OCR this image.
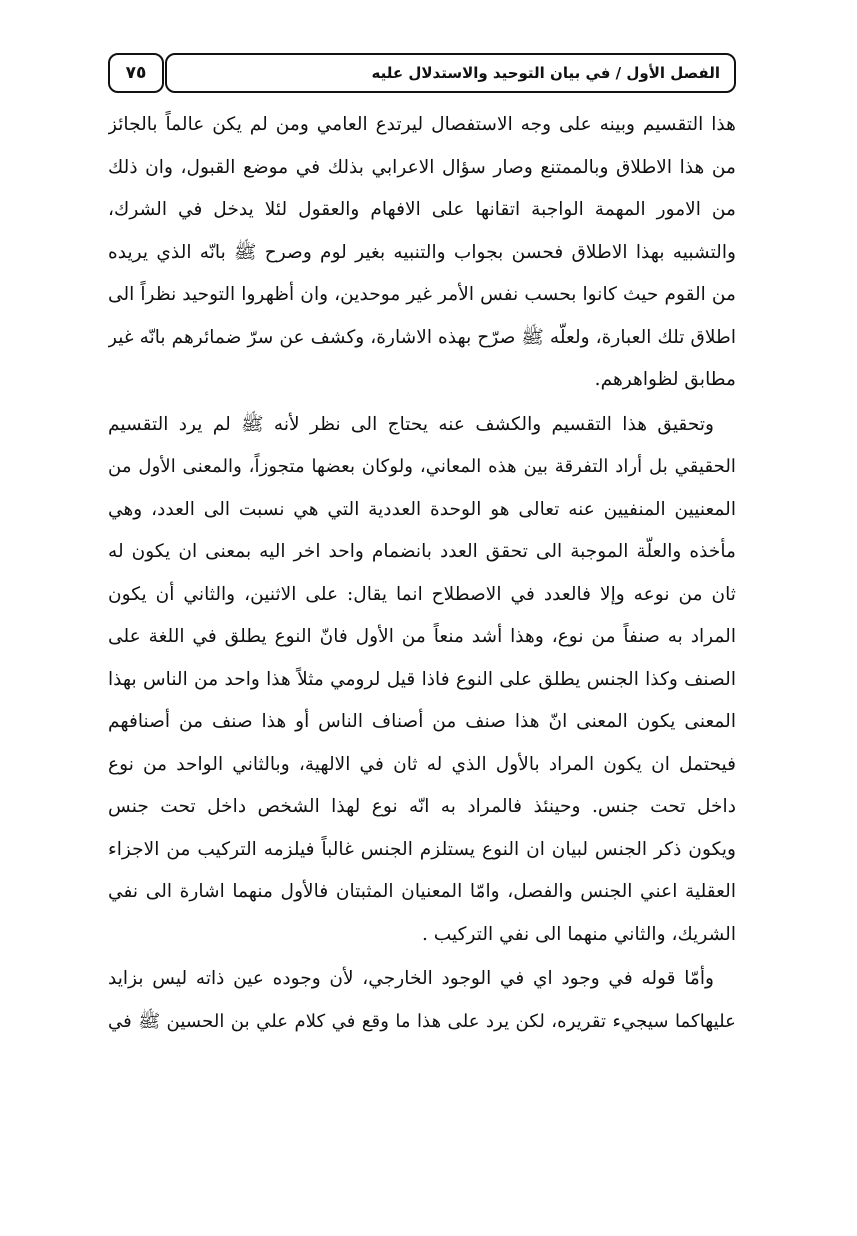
٧٥	الفصل الأول / في بيان التوحيد والاستدلال عليه
هذا التقسيم وبينه على وجه الاستفصال ليرتدع العامي ومن لم يكن عالماً بالجائز
من هذا الاطلاق وبالممتنع وصار سؤال الاعرابي بذلك في موضع القبول، وان ذلك
من الامور المهمة الواجبة اتقانها على الافهام والعقول لئلا يدخل في الشرك،
والتشبيه بهذا الاطلاق فحسن بجواب والتنبيه بغير لوم وصرح ﷺ بانّه الذي يريده
من القوم حيث كانوا بحسب نفس الأمر غير موحدين، وان أظهروا التوحيد نظراً الى
اطلاق تلك العبارة، ولعلّه ﷺ صرّح بهذه الاشارة، وكشف عن سرّ ضمائرهم بانّه غير
مطابق لظواهرهم.
وتحقيق هذا التقسيم والكشف عنه يحتاج الى نظر لأنه ﷺ لم يرد التقسيم
الحقيقي بل أراد التفرقة بين هذه المعاني، ولوكان بعضها متجوزاً، والمعنى الأول من
المعنيين المنفيين عنه تعالى هو الوحدة العددية التي هي نسبت الى العدد، وهي
مأخذه والعلّة الموجبة الى تحقق العدد بانضمام واحد اخر اليه بمعنى ان يكون له
ثان من نوعه وإلا فالعدد في الاصطلاح انما يقال: على الاثنين، والثاني أن يكون
المراد به صنفاً من نوع، وهذا أشد منعاً من الأول فانّ النوع يطلق في اللغة على
الصنف وكذا الجنس يطلق على النوع فاذا قيل لرومي مثلاً هذا واحد من الناس بهذا
المعنى يكون المعنى انّ هذا صنف من أصناف الناس أو هذا صنف من أصنافهم
فيحتمل ان يكون المراد بالأول الذي له ثان في الالهية، وبالثاني الواحد من نوع
داخل تحت جنس. وحينئذ فالمراد به انّه نوع لهذا الشخص داخل تحت جنس
ويكون ذكر الجنس لبيان ان النوع يستلزم الجنس غالباً فيلزمه التركيب من الاجزاء
العقلية اعني الجنس والفصل، وامّا المعنيان المثبتان فالأول منهما اشارة الى نفي
الشريك، والثاني منهما الى نفي التركيب .
وأمّا قوله في وجود اي في الوجود الخارجي، لأن وجوده عين ذاته ليس بزايد
عليهاكما سيجيء تقريره، لكن يرد على هذا ما وقع في كلام علي بن الحسين ﷺ في
